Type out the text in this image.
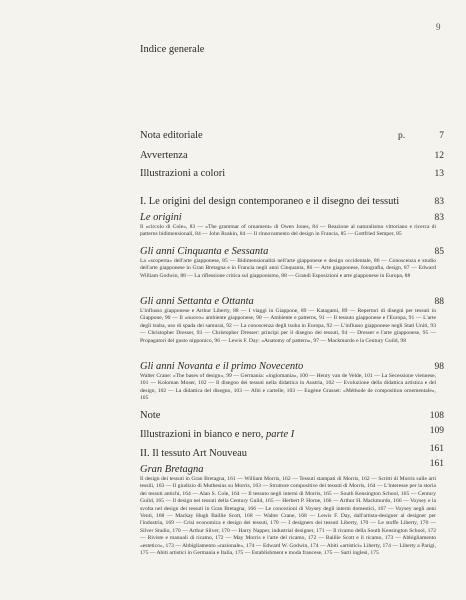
9
Indice generale
Nota editoriale	p.	7
Avvertenza	12
Illustrazioni a colori	13
I. Le origini del design contemporaneo e il disegno dei tessuti	83
Le origini	83
Il «circolo di Cole», 83 — «The grammar of ornament» di Owen Jones, 84 — Reazione al naturalismo vittoriano e ricerca di patterns bidimensionali, 84 — John Ruskin, 84 — Il rinnovamento del design in Francia, 85 — Gottfried Semper, 85
Gli anni Cinquanta e Sessanta	85
La «scoperta» dell'arte giapponese, 85 — Bidimensionalità nell'arte giapponese e design occidentale, 86 — Conoscenza e studio dell'arte giapponese in Gran Bretagna e in Francia negli anni Cinquanta, 86 — Arte giapponese, fotografia, design, 87 — Edward William Godwin, 88 — La riflessione critica sul giapponismo, 88 — Grandi Esposizioni e arte giapponese in Europa, 88
Gli anni Settanta e Ottanta	88
L'influsso giapponese e Arthur Liberty, 88 — I viaggi in Giappone, 89 — Katagami, 89 — Repertori di disegni per tessuti in Giappone, 90 — Il «nuovo» ambiente giapponese, 90 — Ambiente e patterns, 91 — Il tessuto giapponese e l'Europa, 91 — L'arte degli tsuba, uso di spada dei samurai, 92 — La conoscenza degli tsuba in Europa, 92 — L'influsso giapponese negli Stati Uniti, 93 — Christopher Dresser, 93 — Christopher Dresser: principi per il disegno dei tessuti, 94 — Dresser e l'arte giapponese, 95 — Propagatori del gusto nipponico, 96 — Lewis F. Day: «Anatomy of pattern», 97 — Mackmurdo e la Century Guild, 98
Gli anni Novanta e il primo Novecento	98
Walter Crane: «The bases of design», 99 — Germania: «inglomania», 100 — Henry van de Velde, 101 — La Secessione viennese, 101 — Koloman Moser, 102 — Il disegno dei tessuti nella didattica in Austria, 102 — Evoluzione della didattica artistica e del design, 102 — La didattica del disegno, 103 — Albi e cartelle, 103 — Eugène Grasset: «Méthode de composition ornementale», 105
Note	108
Illustrazioni in bianco e nero, parte I	109
II. Il tessuto Art Nouveau	161
Gran Bretagna	161
Il design dei tessuti in Gran Bretagna, 161 — William Morris, 162 — Tessuti stampati di Morris, 162 — Scritti di Morris sulle arti tessili, 163 — Il giudizio di Muthesius su Morris, 163 — Strutture compositive dei tessuti di Morris, 164 — L'interesse per la storia dei tessuti antichi, 164 — Alan S. Cole, 164 — Il tessuto negli interni di Morris, 165 — South Kensington School, 165 — Century Guild, 165 — Il design nei tessuti della Century Guild, 165 — Herbert P. Horne, 166 — Arthur H. Mackmurdo, 166 — Voysey e la svolta nel design dei tessuti in Gran Bretagna, 166 — Le concezioni di Voysey degli interni domestici, 167 — Voysey negli anni Venti, 168 — Mackay Hugh Baillie Scott, 168 — Walter Crane, 168 — Lewis F. Day, dall'artista-designer al designer per l'industria, 169 — Crisi economica e design dei tessuti, 170 — I designers dei tessuti Liberty, 170 — Le stoffe Liberty, 170 — Silver Studio, 170 — Arthur Silver, 170 — Harry Napper, industrial designer, 171 — Il ricamo della South Kensington School, 172 — Riviste e manuali di ricamo, 172 — May Morris e l'arte del ricamo, 172 — Baillie Scott e il ricamo, 173 — Abbigliamento «estetico», 173 — Abbigliamento «razionale», 174 — Edward W. Godwin, 174 — Abiti «artistici» Liberty, 174 — Liberty a Parigi, 175 — Abiti artistici in Germania e Italia, 175 — Establishment e moda francese, 175 — Sarti inglesi, 175
